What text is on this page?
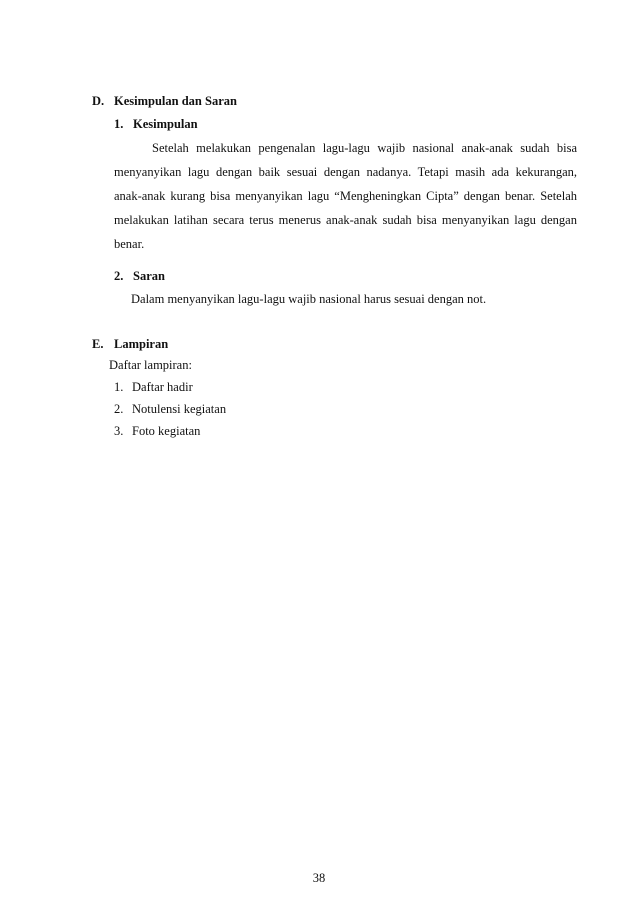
D. Kesimpulan dan Saran
1. Kesimpulan
Setelah melakukan pengenalan lagu-lagu wajib nasional anak-anak sudah bisa
menyanyikan lagu dengan baik sesuai dengan nadanya. Tetapi masih ada kekurangan,
anak-anak kurang bisa menyanyikan lagu “Mengheningkan Cipta” dengan benar. Setelah
melakukan latihan secara terus menerus anak-anak sudah bisa menyanyikan lagu dengan
benar.
2. Saran
Dalam menyanyikan lagu-lagu wajib nasional harus sesuai dengan not.
E. Lampiran
Daftar lampiran:
1. Daftar hadir
2. Notulensi kegiatan
3. Foto kegiatan
38
